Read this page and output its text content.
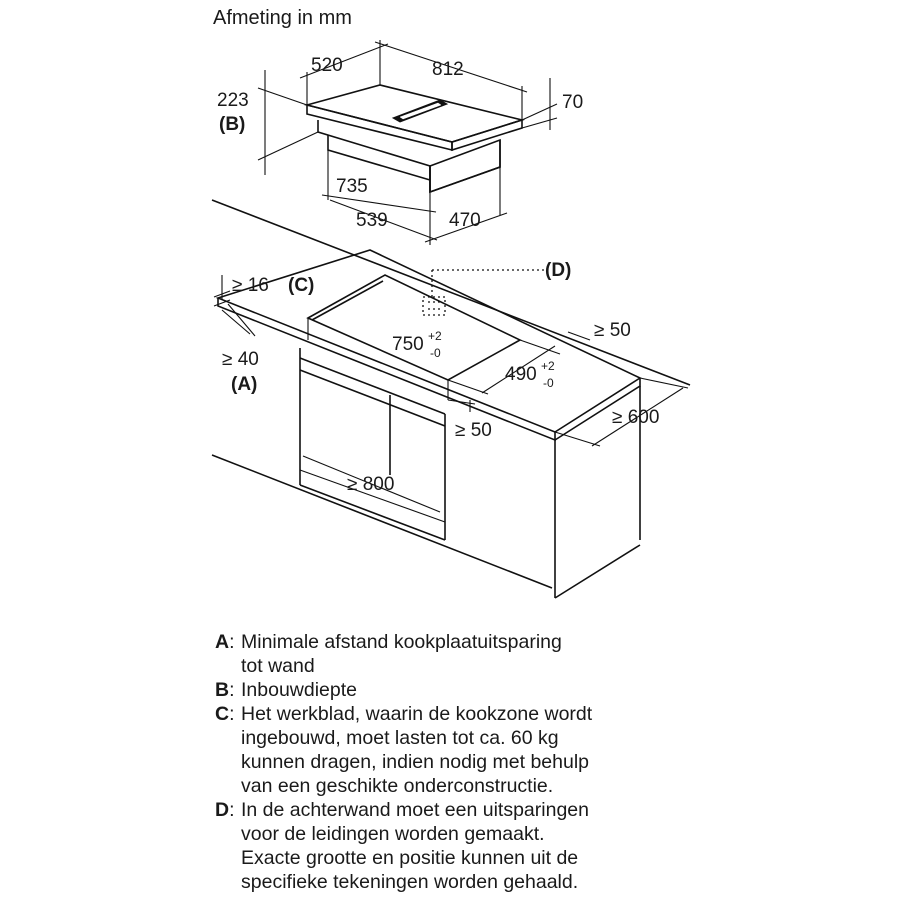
Afmeting in mm
520	812
70
223
(B)
735
539	470
(D)
≥ 16 (C)
≥ 40
(A)
750 +2
-0
490 +2
-0
≥ 50
≥ 50
≥ 600
≥ 800
A: Minimale afstand kookplaatuitsparing
tot wand
B: Inbouwdiepte
C: Het werkblad, waarin de kookzone wordt
ingebouwd, moet lasten tot ca. 60 kg
kunnen dragen, indien nodig met behulp
van een geschikte onderconstructie.
D: In de achterwand moet een uitsparingen
voor de leidingen worden gemaakt.
Exacte grootte en positie kunnen uit de
specifieke tekeningen worden gehaald.
